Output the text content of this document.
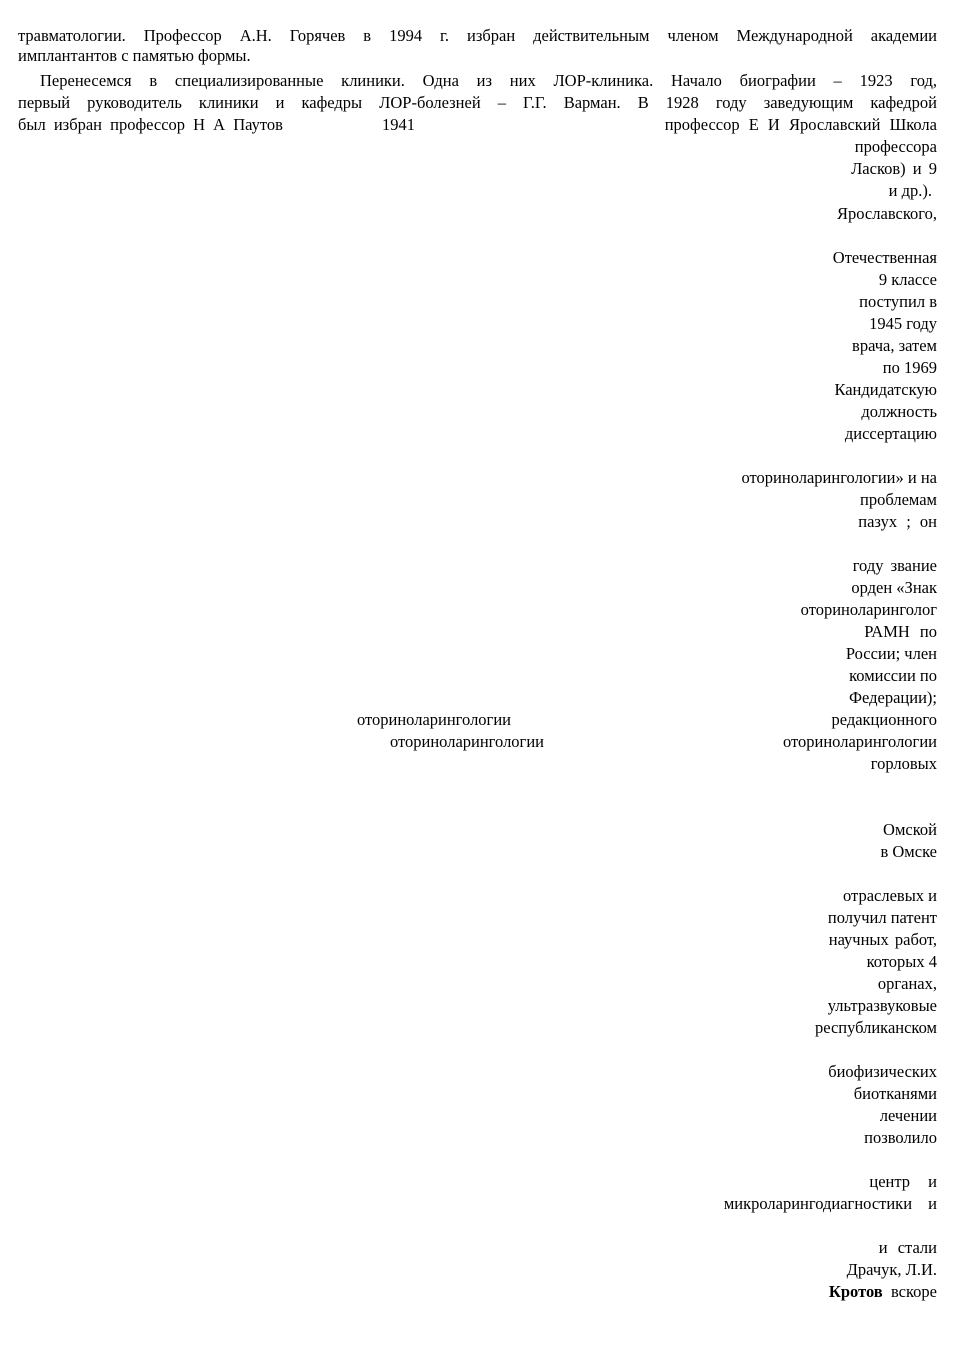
травматологии. Профессор А.Н. Горячев в 1994 г. избран действительным членом Международной академии
имплантантов с памятью формы.
Перенесемся в специализированные клиники. Одна из них ЛОР-клиника. Начало биографии – 1923 год,
первый руководитель клиники и кафедры ЛОР-болезней – Г.Г. Варман. В 1928 году заведующим кафедрой
был избран профессор Н А Паутов	1941	профессор Е И Ярославский Школа
профессора
Ласков) и 9
и др.).
Ярославского,
Отечественная
9 классе
поступил в
1945 году
врача, затем
по 1969
Кандидатскую
должность
диссертацию
оториноларингологии» и на
проблемам
пазух ; он
году звание
орден «Знак
оториноларинголог
РАМН по
России; член
комиссии по
Федерации);
редакционного
оториноларингологии
горловых
оториноларингологии
оториноларингологии
Омской
в Омске
отраслевых и
получил патент
научных работ,
которых 4
органах,
ультразвуковые
республиканском
биофизических
биотканями
лечении
позволило
центр и
микроларингодиагностики и
и стали
Драчук, Л.И.
Кротов вскоре
